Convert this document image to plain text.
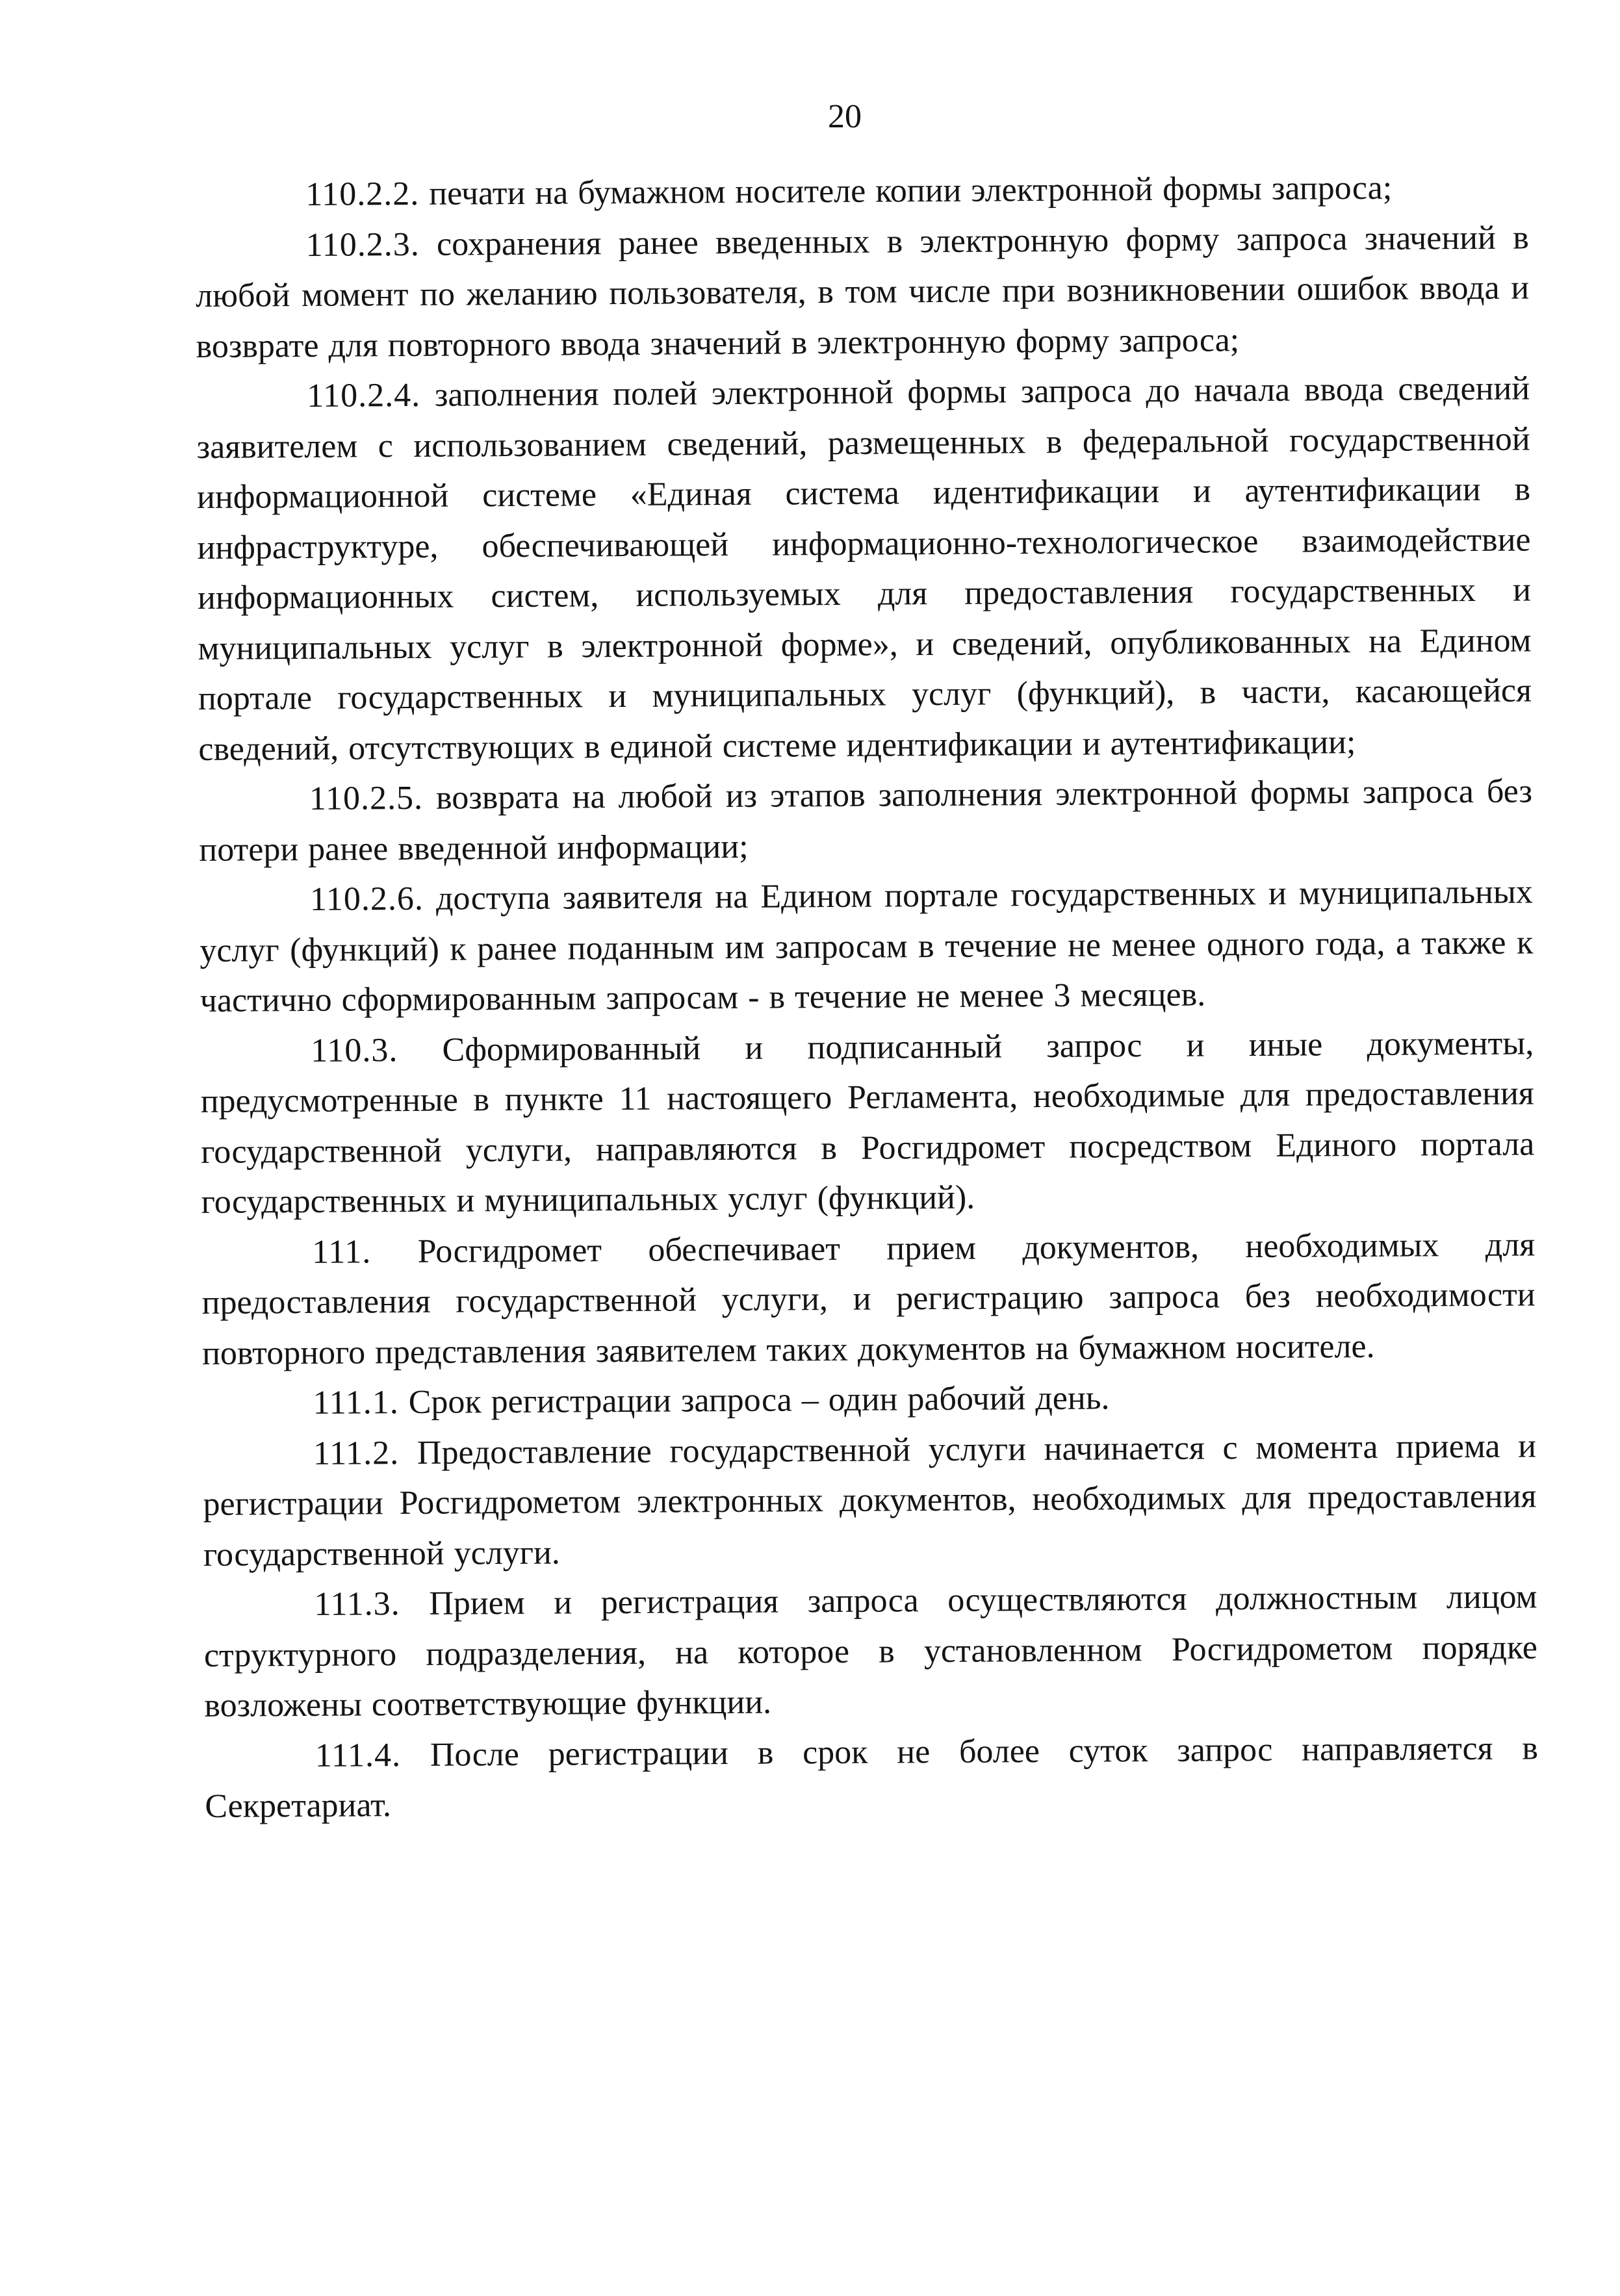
20

110.2.2. печати на бумажном носителе копии электронной формы запроса;

110.2.3. сохранения ранее введенных в электронную форму запроса значений в любой момент по желанию пользователя, в том числе при возникновении ошибок ввода и возврате для повторного ввода значений в электронную форму запроса;

110.2.4. заполнения полей электронной формы запроса до начала ввода сведений заявителем с использованием сведений, размещенных в федеральной государственной информационной системе «Единая система идентификации и аутентификации в инфраструктуре, обеспечивающей информационно-технологическое взаимодействие информационных систем, используемых для предоставления государственных и муниципальных услуг в электронной форме», и сведений, опубликованных на Едином портале государственных и муниципальных услуг (функций), в части, касающейся сведений, отсутствующих в единой системе идентификации и аутентификации;

110.2.5. возврата на любой из этапов заполнения электронной формы запроса без потери ранее введенной информации;

110.2.6. доступа заявителя на Едином портале государственных и муниципальных услуг (функций) к ранее поданным им запросам в течение не менее одного года, а также к частично сформированным запросам - в течение не менее 3 месяцев.

110.3. Сформированный и подписанный запрос и иные документы, предусмотренные в пункте 11 настоящего Регламента, необходимые для предоставления государственной услуги, направляются в Росгидромет посредством Единого портала государственных и муниципальных услуг (функций).

111. Росгидромет обеспечивает прием документов, необходимых для предоставления государственной услуги, и регистрацию запроса без необходимости повторного представления заявителем таких документов на бумажном носителе.

111.1. Срок регистрации запроса – один рабочий день.

111.2. Предоставление государственной услуги начинается с момента приема и регистрации Росгидрометом электронных документов, необходимых для предоставления государственной услуги.

111.3. Прием и регистрация запроса осуществляются должностным лицом структурного подразделения, на которое в установленном Росгидрометом порядке возложены соответствующие функции.

111.4. После регистрации в срок не более суток запрос направляется в Секретариат.
